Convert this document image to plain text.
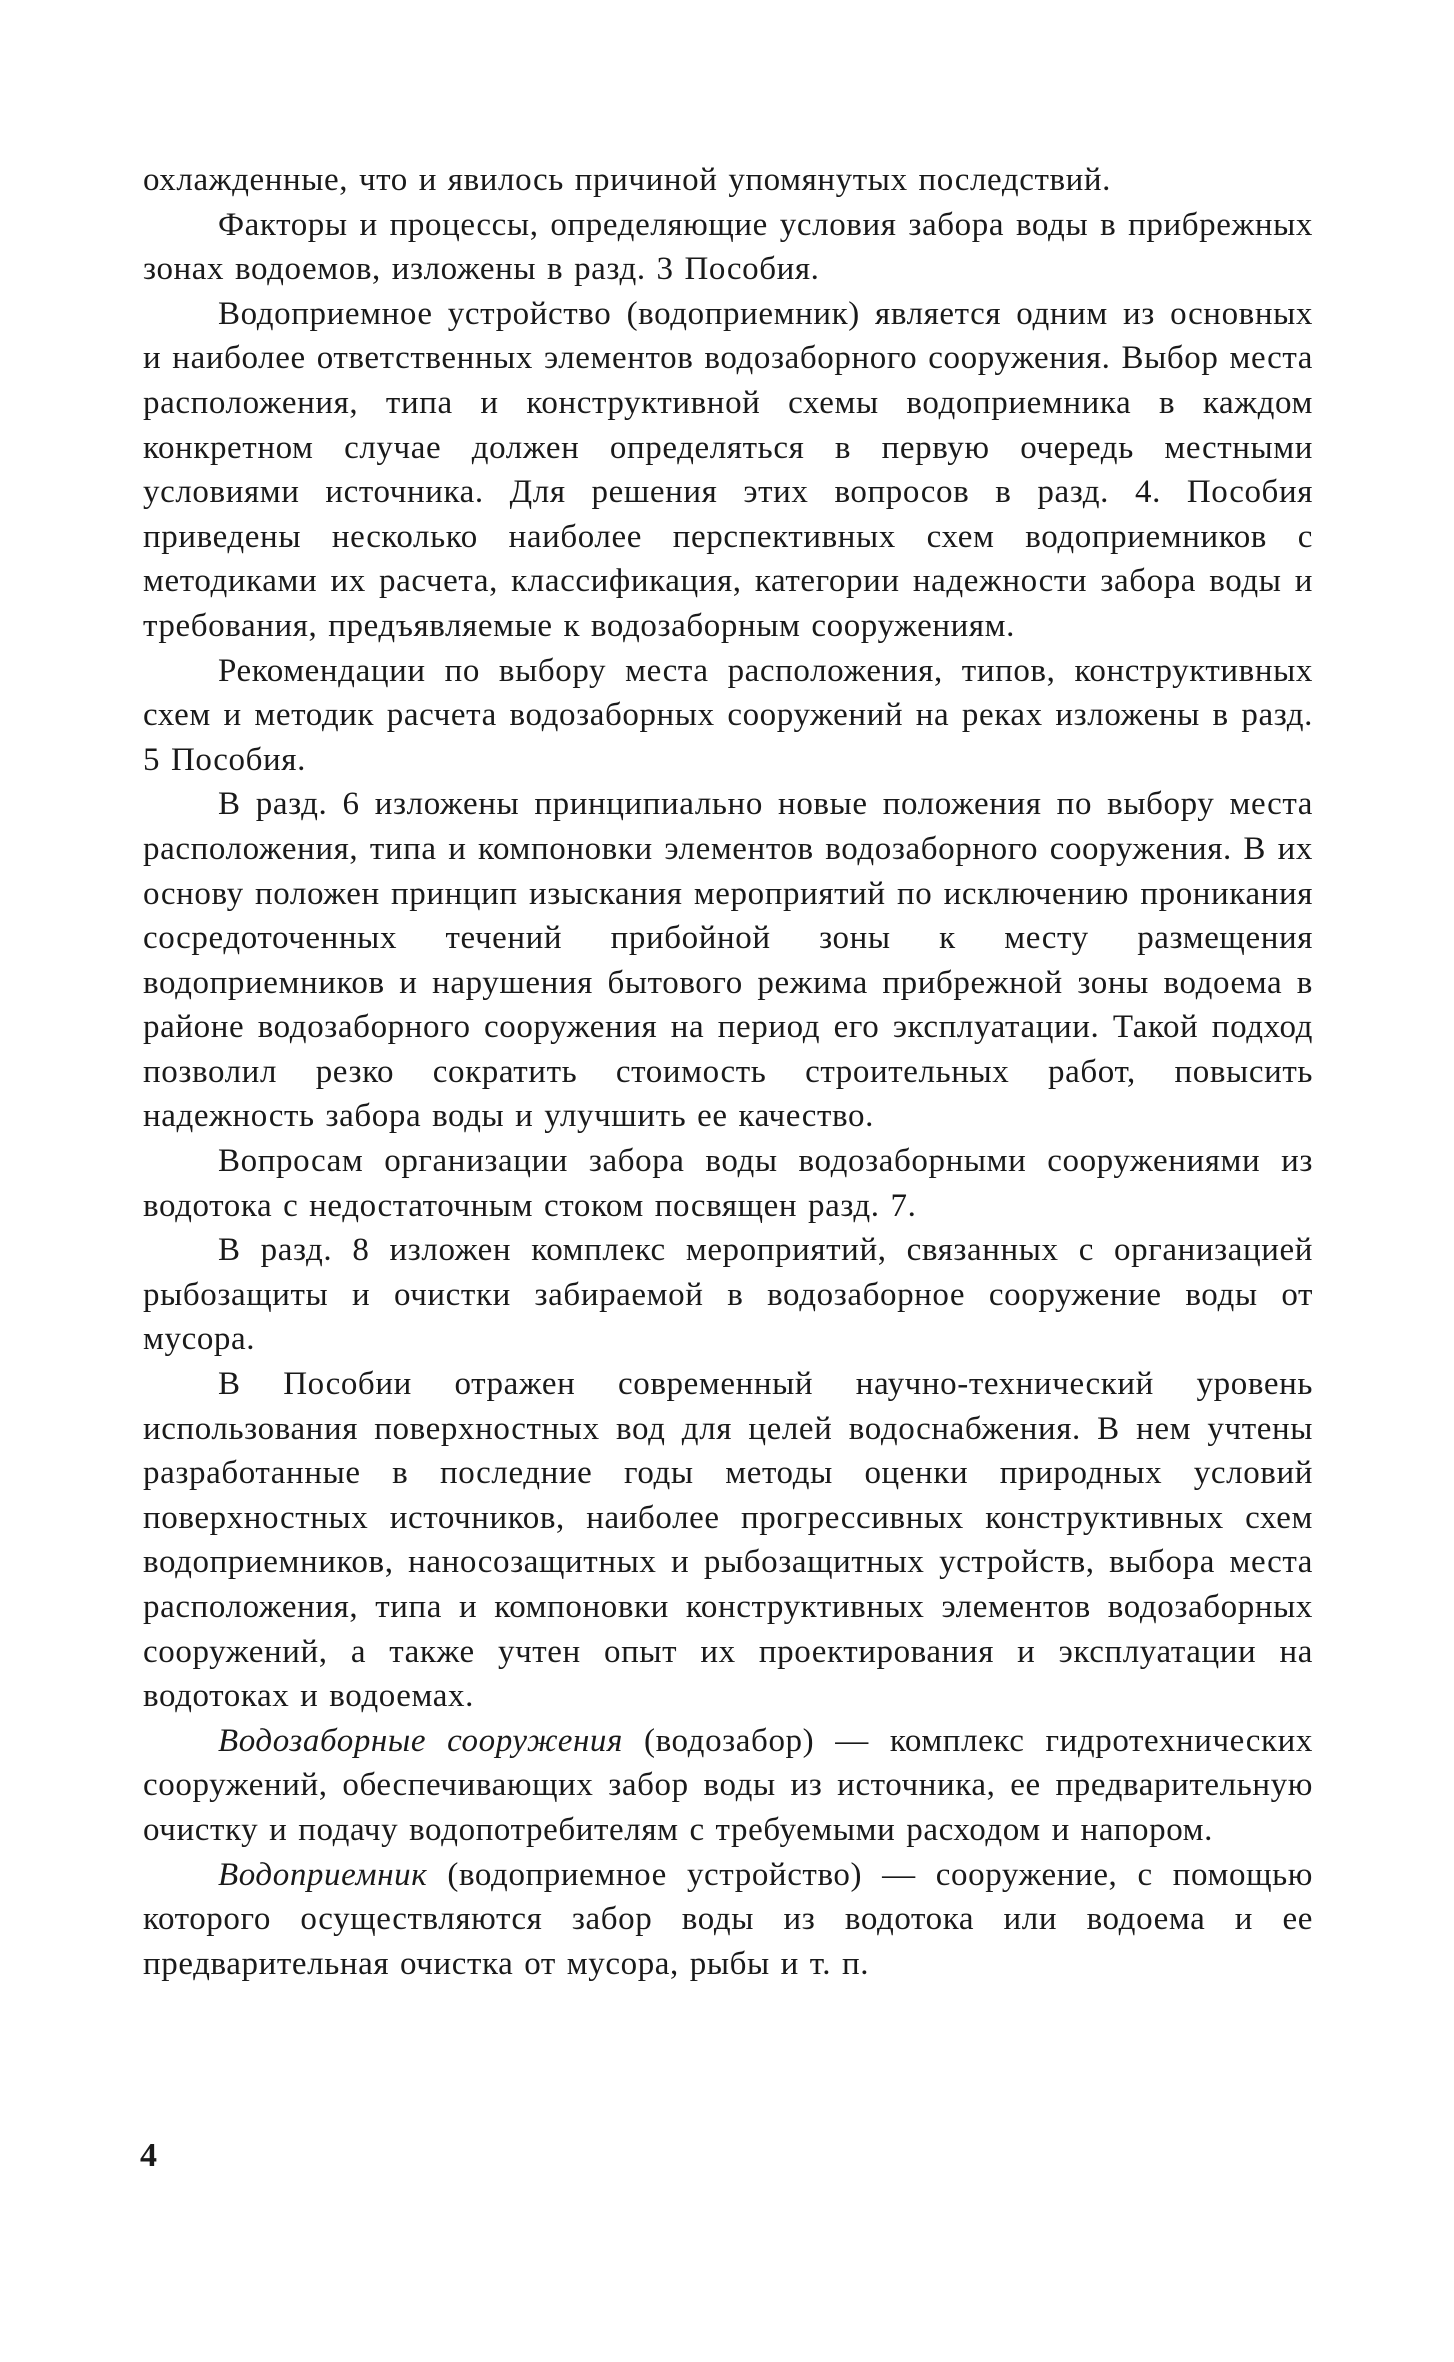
охлажденные, что и явилось причиной упомянутых последствий.

Факторы и процессы, определяющие условия забора воды в прибрежных зонах водоемов, изложены в разд. 3 Пособия.

Водоприемное устройство (водоприемник) является одним из основных и наиболее ответственных элементов водозаборного сооружения. Выбор места расположения, типа и конструктивной схемы водоприемника в каждом конкретном случае должен определяться в первую очередь местными условиями источника. Для решения этих вопросов в разд. 4. Пособия приведены несколько наиболее перспективных схем водоприемников с методиками их расчета, классификация, категории надежности забора воды и требования, предъявляемые к водозаборным сооружениям.

Рекомендации по выбору места расположения, типов, конструктивных схем и методик расчета водозаборных сооружений на реках изложены в разд. 5 Пособия.

В разд. 6 изложены принципиально новые положения по выбору места расположения, типа и компоновки элементов водозаборного сооружения. В их основу положен принцип изыскания мероприятий по исключению проникания сосредоточенных течений прибойной зоны к месту размещения водоприемников и нарушения бытового режима прибрежной зоны водоема в районе водозаборного сооружения на период его эксплуатации. Такой подход позволил резко сократить стоимость строительных работ, повысить надежность забора воды и улучшить ее качество.

Вопросам организации забора воды водозаборными сооружениями из водотока с недостаточным стоком посвящен разд. 7.

В разд. 8 изложен комплекс мероприятий, связанных с организацией рыбозащиты и очистки забираемой в водозаборное сооружение воды от мусора.

В Пособии отражен современный научно-технический уровень использования поверхностных вод для целей водоснабжения. В нем учтены разработанные в последние годы методы оценки природных условий поверхностных источников, наиболее прогрессивных конструктивных схем водоприемников, наносозащитных и рыбозащитных устройств, выбора места расположения, типа и компоновки конструктивных элементов водозаборных сооружений, а также учтен опыт их проектирования и эксплуатации на водотоках и водоемах.

Водозаборные сооружения (водозабор) — комплекс гидротехнических сооружений, обеспечивающих забор воды из источника, ее предварительную очистку и подачу водопотребителям с требуемыми расходом и напором.

Водоприемник (водоприемное устройство) — сооружение, с помощью которого осуществляются забор воды из водотока или водоема и ее предварительная очистка от мусора, рыбы и т. п.

4
